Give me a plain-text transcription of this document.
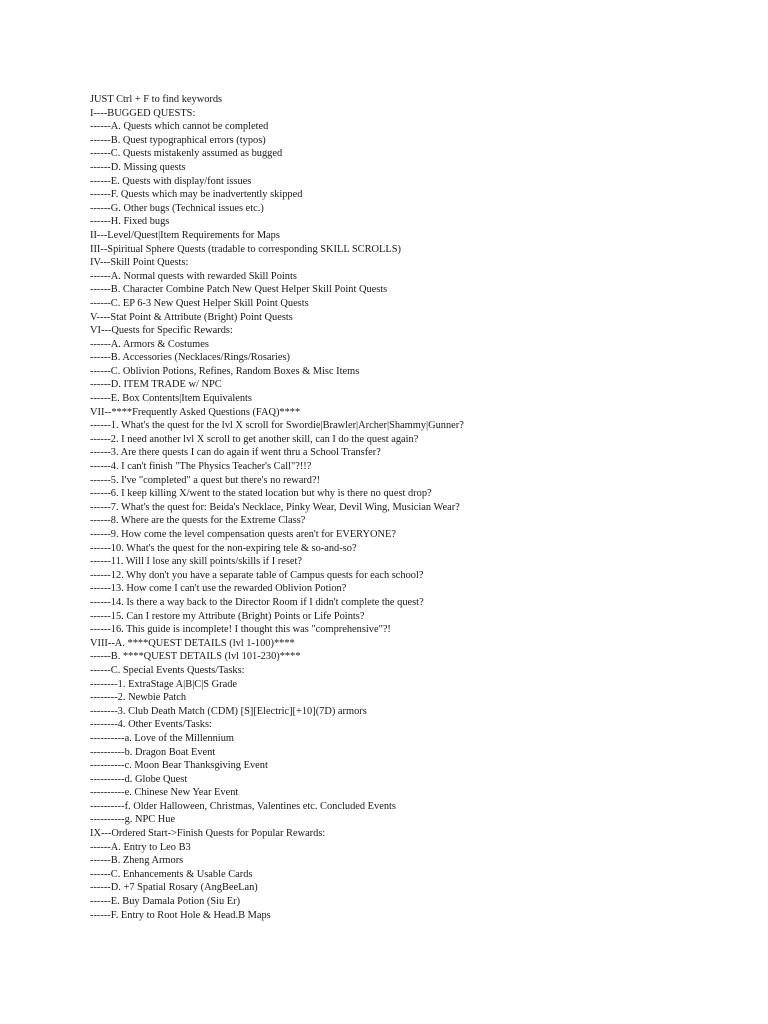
JUST Ctrl + F to find keywords
I----BUGGED QUESTS:
------A. Quests which cannot be completed
------B. Quest typographical errors (typos)
------C. Quests mistakenly assumed as bugged
------D. Missing quests
------E. Quests with display/font issues
------F. Quests which may be inadvertently skipped
------G. Other bugs (Technical issues etc.)
------H. Fixed bugs
II---Level/Quest|Item Requirements for Maps
III--Spiritual Sphere Quests (tradable to corresponding SKILL SCROLLS)
IV---Skill Point Quests:
------A. Normal quests with rewarded Skill Points
------B. Character Combine Patch New Quest Helper Skill Point Quests
------C. EP 6-3 New Quest Helper Skill Point Quests
V----Stat Point & Attribute (Bright) Point Quests
VI---Quests for Specific Rewards:
------A. Armors & Costumes
------B. Accessories (Necklaces/Rings/Rosaries)
------C. Oblivion Potions, Refines, Random Boxes & Misc Items
------D. ITEM TRADE w/ NPC
------E. Box Contents|Item Equivalents
VII--****Frequently Asked Questions (FAQ)****
------1. What's the quest for the lvl X scroll for Swordie|Brawler|Archer|Shammy|Gunner?
------2. I need another lvl X scroll to get another skill, can I do the quest again?
------3. Are there quests I can do again if went thru a School Transfer?
------4. I can't finish "The Physics Teacher's Call"?!!?
------5. I've "completed" a quest but there's no reward?!
------6. I keep killing X/went to the stated location but why is there no quest drop?
------7. What's the quest for: Beida's Necklace, Pinky Wear, Devil Wing, Musician Wear?
------8. Where are the quests for the Extreme Class?
------9. How come the level compensation quests aren't for EVERYONE?
------10. What's the quest for the non-expiring tele & so-and-so?
------11. Will I lose any skill points/skills if I reset?
------12. Why don't you have a separate table of Campus quests for each school?
------13. How come I can't use the rewarded Oblivion Potion?
------14. Is there a way back to the Director Room if I didn't complete the quest?
------15. Can I restore my Attribute (Bright) Points or Life Points?
------16. This guide is incomplete! I thought this was "comprehensive"?!
VIII--A. ****QUEST DETAILS (lvl 1-100)****
------B. ****QUEST DETAILS (lvl 101-230)****
------C. Special Events Quests/Tasks:
--------1. ExtraStage A|B|C|S Grade
--------2. Newbie Patch
--------3. Club Death Match (CDM) [S][Electric][+10](7D) armors
--------4. Other Events/Tasks:
----------a. Love of the Millennium
----------b. Dragon Boat Event
----------c. Moon Bear Thanksgiving Event
----------d. Globe Quest
----------e. Chinese New Year Event
----------f. Older Halloween, Christmas, Valentines etc. Concluded Events
----------g. NPC Hue
IX---Ordered Start->Finish Quests for Popular Rewards:
------A. Entry to Leo B3
------B. Zheng Armors
------C. Enhancements & Usable Cards
------D. +7 Spatial Rosary (AngBeeLan)
------E. Buy Damala Potion (Siu Er)
------F. Entry to Root Hole & Head.B Maps
